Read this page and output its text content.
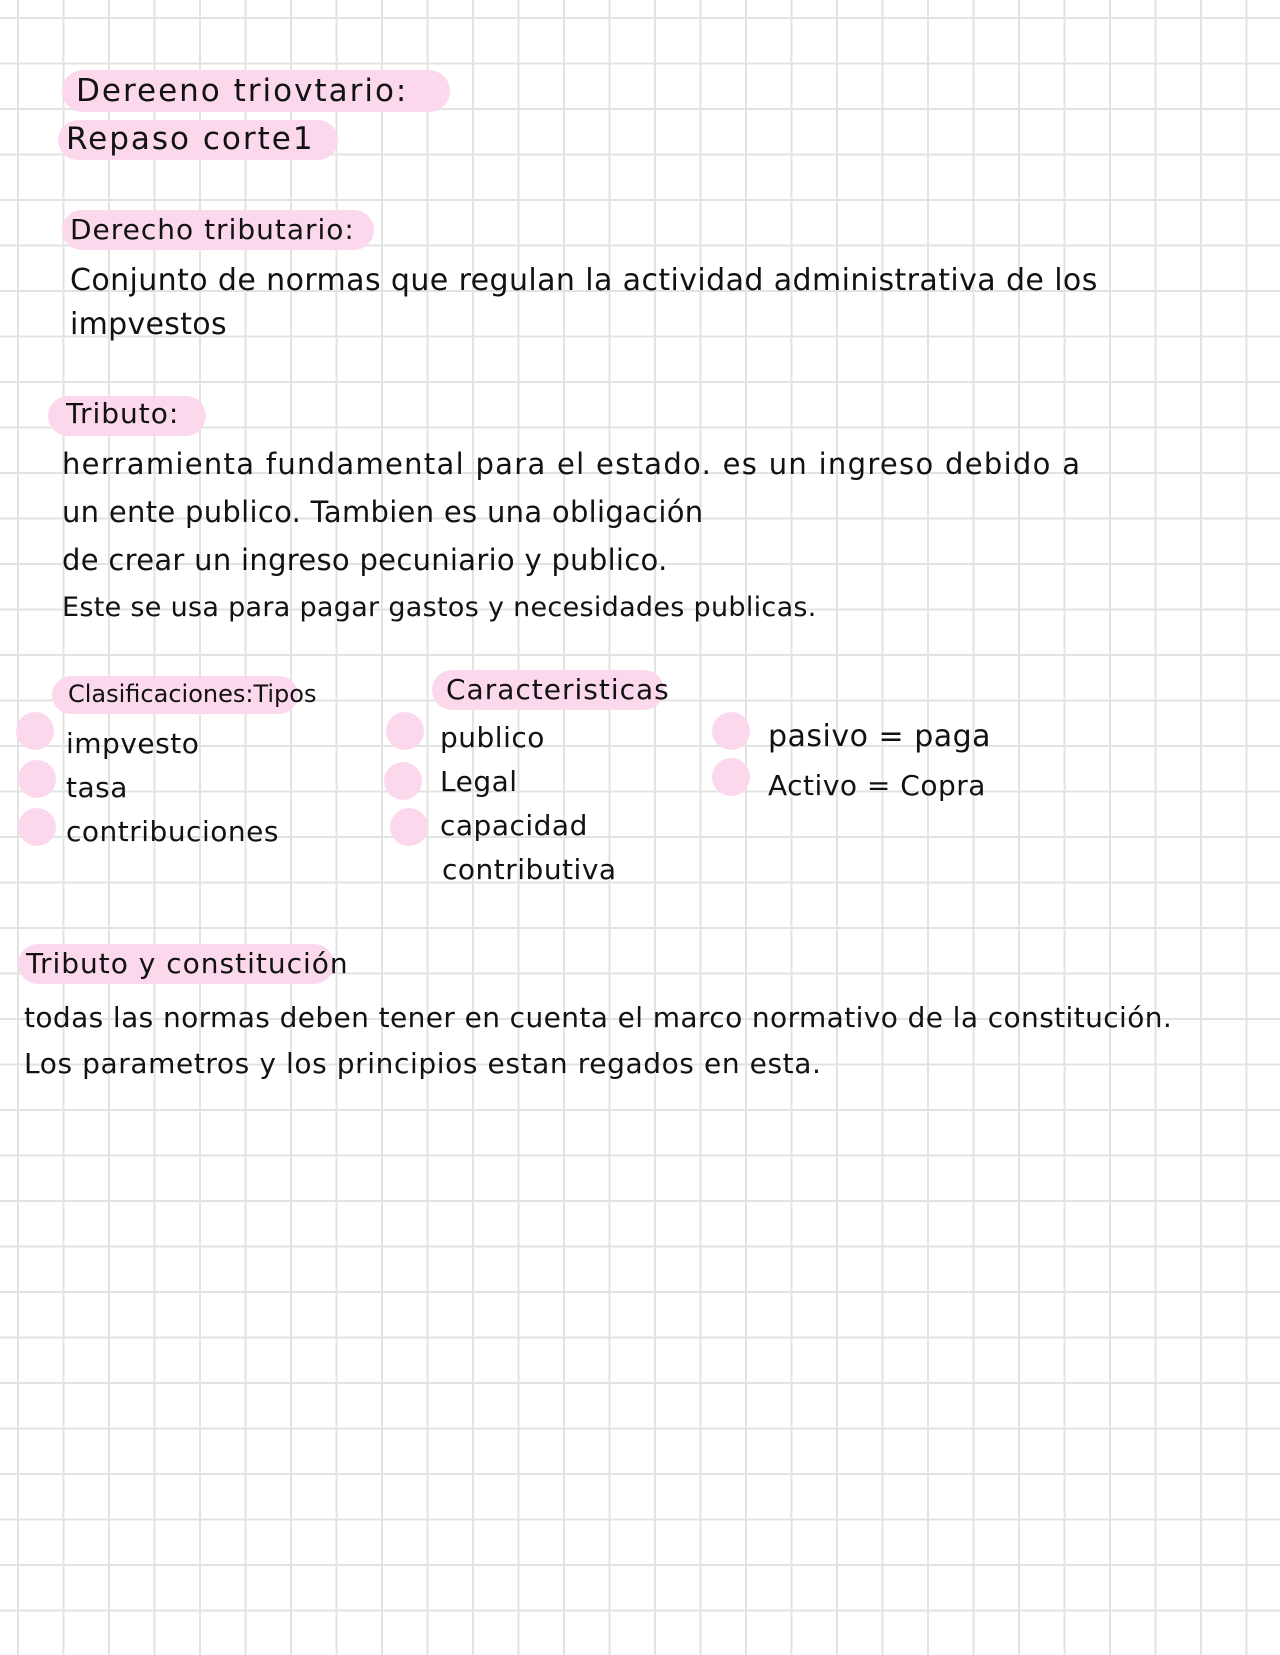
Dereeno triovtario:
Repaso corte1
Derecho tributario:
Conjunto de normas que regulan la actividad administrativa de los
impvestos
Tributo:
herramienta fundamental para el estado. es un ingreso debido a
un ente publico. Tambien es una obligación
de crear un ingreso pecuniario y publico.
Este se usa para pagar gastos y necesidades publicas.
Clasificaciones:Tipos
impvesto
tasa
contribuciones
Caracteristicas
publico
Legal
capacidad
contributiva
pasivo = paga
Activo = Copra
Tributo y constitución
todas las normas deben tener en cuenta el marco normativo de la constitución.
Los parametros y los principios estan regados en esta.
